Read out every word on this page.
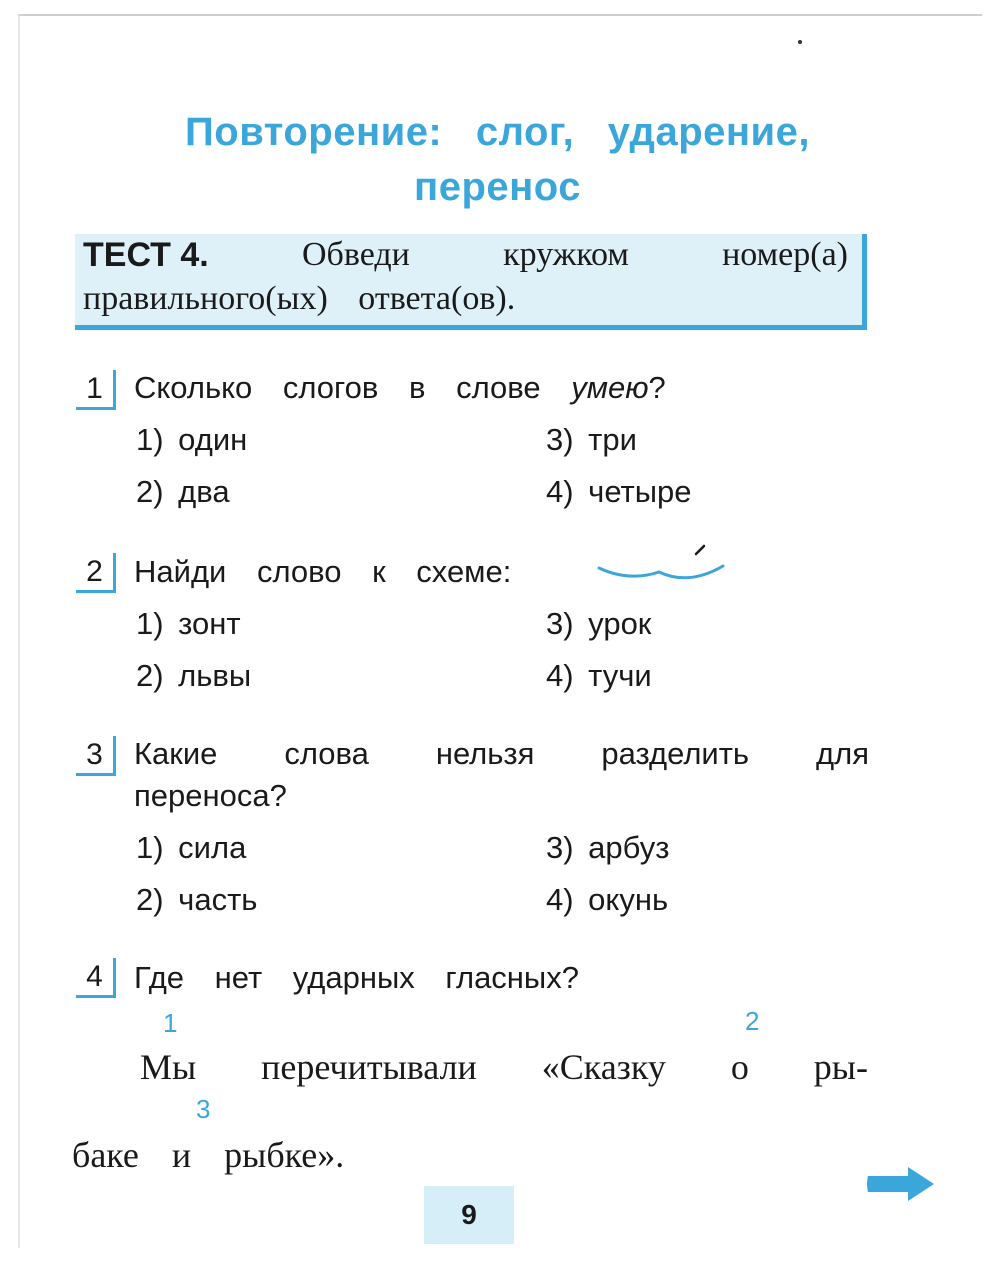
Повторение: слог, ударение,
перенос
ТЕСТ 4.	Обведи	кружком	номер(а)
правильного(ых) ответа(ов).
1	Сколько слогов в слове умею?
1) один
2) два
3) три
4) четыре
2	Найди слово к схеме:
1) зонт
2) львы
3) урок
4) тучи
3	Какие слова нельзя разделить для
переноса?
1) сила
2) часть
3) арбуз
4) окунь
4	Где нет ударных гласных?
1	2
Мы перечитывали «Сказку о ры-
3
баке и рыбке».
9
